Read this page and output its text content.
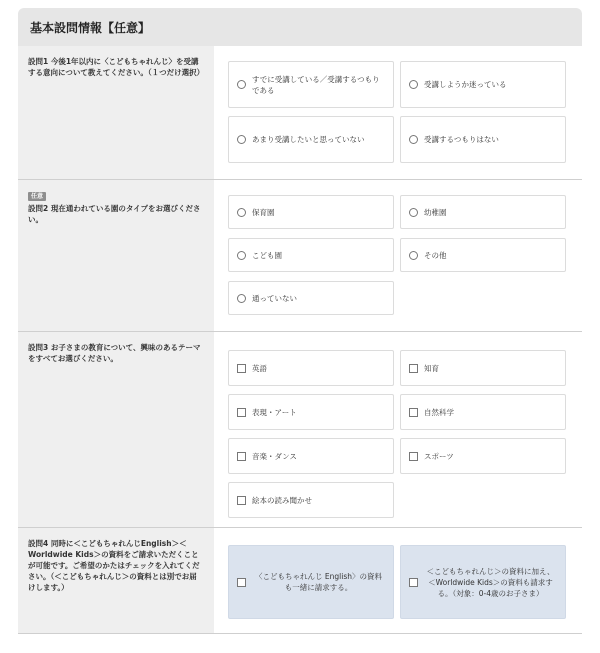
基本設問情報【任意】
設問1 今後1年以内に〈こどもちゃれんじ〉を受講する意向について教えてください。（１つだけ選択）
すでに受講している／受講するつもりである
受講しようか迷っている
あまり受講したいと思っていない	受講するつもりはない
任意
設問2 現在通われている園のタイプをお選びください。
保育園	幼稚園
こども園	その他
通っていない
設問3 お子さまの教育について、興味のあるテーマをすべてお選びください。
英語	知育
表現・アート	自然科学
音楽・ダンス	スポーツ
絵本の読み聞かせ
設問4 同時に＜こどもちゃれんじEnglish＞＜Worldwide Kids＞の資料をご請求いただくことが可能です。ご希望のかたはチェックを入れてください。（＜こどもちゃれんじ＞の資料とは別でお届けします。）
〈こどもちゃれんじ English〉の資料も一緒に請求する。
＜こどもちゃれんじ＞の資料に加え、＜Worldwide Kids＞の資料も請求する。（対象：0-4歳のお子さま）
